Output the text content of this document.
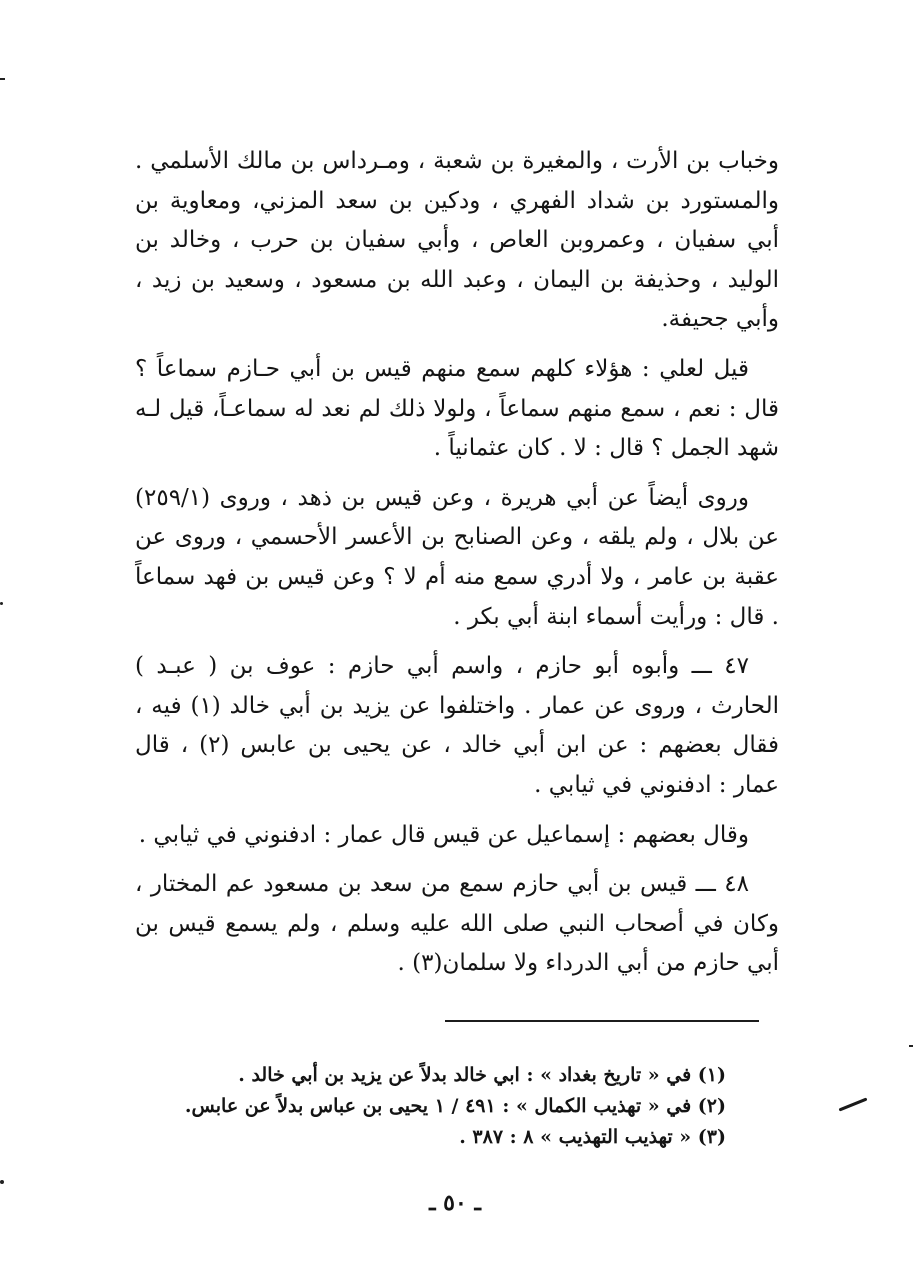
وخباب بن الأرت ، والمغيرة بن شعبة ، ومـرداس بن مالك الأسلمي . والمستورد بن شداد الفهري ، ودكين بن سعد المزني، ومعاوية بن أبي سفيان ، وعمروبن العاص ، وأبي سفيان بن حرب ، وخالد بن الوليد ، وحذيفة بن اليمان ، وعبد الله بن مسعود ، وسعيد بن زيد ، وأبي جحيفة.

قيل لعلي : هؤلاء كلهم سمع منهم قيس بن أبي حـازم سماعاً ؟ قال : نعم ، سمع منهم سماعاً ، ولولا ذلك لم نعد له سماعـاً، قيل لـه شهد الجمل ؟ قال : لا . كان عثمانياً .

وروى أيضاً عن أبي هريرة ، وعن قيس بن ذهد ، وروى (٢٥٩/١) عن بلال ، ولم يلقه ، وعن الصنابح بن الأعسر الأحسمي ، وروى عن عقبة بن عامر ، ولا أدري سمع منه أم لا ؟ وعن قيس بن فهد سماعاً . قال : ورأيت أسماء ابنة أبي بكر .

٤٧ ـــ وأبوه أبو حازم ، واسم أبي حازم : عوف بن ( عبـد ) الحارث ، وروى عن عمار . واختلفوا عن يزيد بن أبي خالد (١) فيه ، فقال بعضهم : عن ابن أبي خالد ، عن يحيى بن عابس (٢) ، قال عمار : ادفنوني في ثيابي .

وقال بعضهم : إسماعيل عن قيس قال عمار : ادفنوني في ثيابي .

٤٨ ـــ قيس بن أبي حازم سمع من سعد بن مسعود عم المختار ، وكان في أصحاب النبي صلى الله عليه وسلم ، ولم يسمع قيس بن أبي حازم من أبي الدرداء ولا سلمان(٣) .

(١) في « تاريخ بغداد » : ابي خالد بدلاً عن يزيد بن أبي خالد .

(٢) في « تهذيب الكمال » : ٤٩١ / ١ يحيى بن عباس بدلاً عن عابس.

(٣) « تهذيب التهذيب » ٨ : ٣٨٧ .

ـ ٥٠ ـ
